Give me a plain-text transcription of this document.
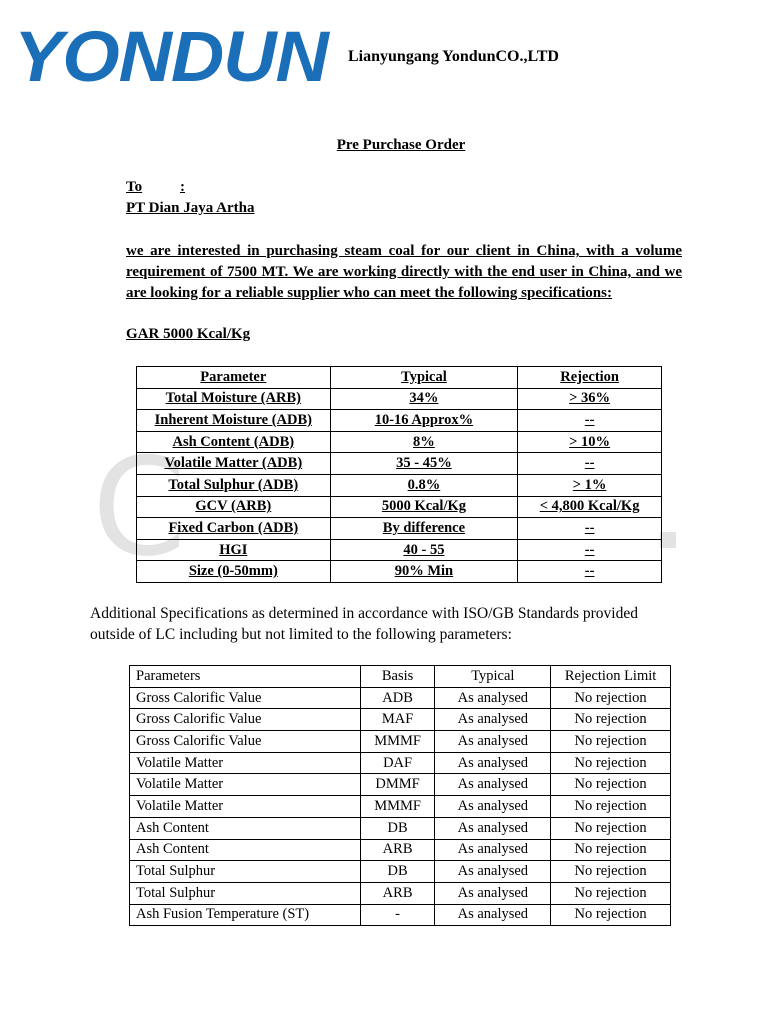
C
YONDUN Lianyungang YondunCO.,LTD
Pre Purchase Order
To	:
PT Dian Jaya Artha
we are interested in purchasing steam coal for our client in China, with a volume requirement of 7500 MT. We are working directly with the end user in China, and we are looking for a reliable supplier who can meet the following specifications:
GAR 5000 Kcal/Kg
Parameter	Typical	Rejection
Total Moisture (ARB)	34%	> 36%
Inherent Moisture (ADB)	10-16 Approx%	--
Ash Content (ADB)	8%	> 10%
Volatile Matter (ADB)	35 - 45%	--
Total Sulphur (ADB)	0.8%	> 1%
GCV (ARB)	5000 Kcal/Kg	< 4,800 Kcal/Kg
Fixed Carbon (ADB)	By difference	--
HGI	40 - 55	--
Size (0-50mm)	90% Min	--
Additional Specifications as determined in accordance with ISO/GB Standards provided outside of LC including but not limited to the following parameters:
Parameters	Basis	Typical	Rejection Limit
Gross Calorific Value	ADB	As analysed	No rejection
Gross Calorific Value	MAF	As analysed	No rejection
Gross Calorific Value	MMMF	As analysed	No rejection
Volatile Matter	DAF	As analysed	No rejection
Volatile Matter	DMMF	As analysed	No rejection
Volatile Matter	MMMF	As analysed	No rejection
Ash Content	DB	As analysed	No rejection
Ash Content	ARB	As analysed	No rejection
Total Sulphur	DB	As analysed	No rejection
Total Sulphur	ARB	As analysed	No rejection
Ash Fusion Temperature (ST)	-	As analysed	No rejection
